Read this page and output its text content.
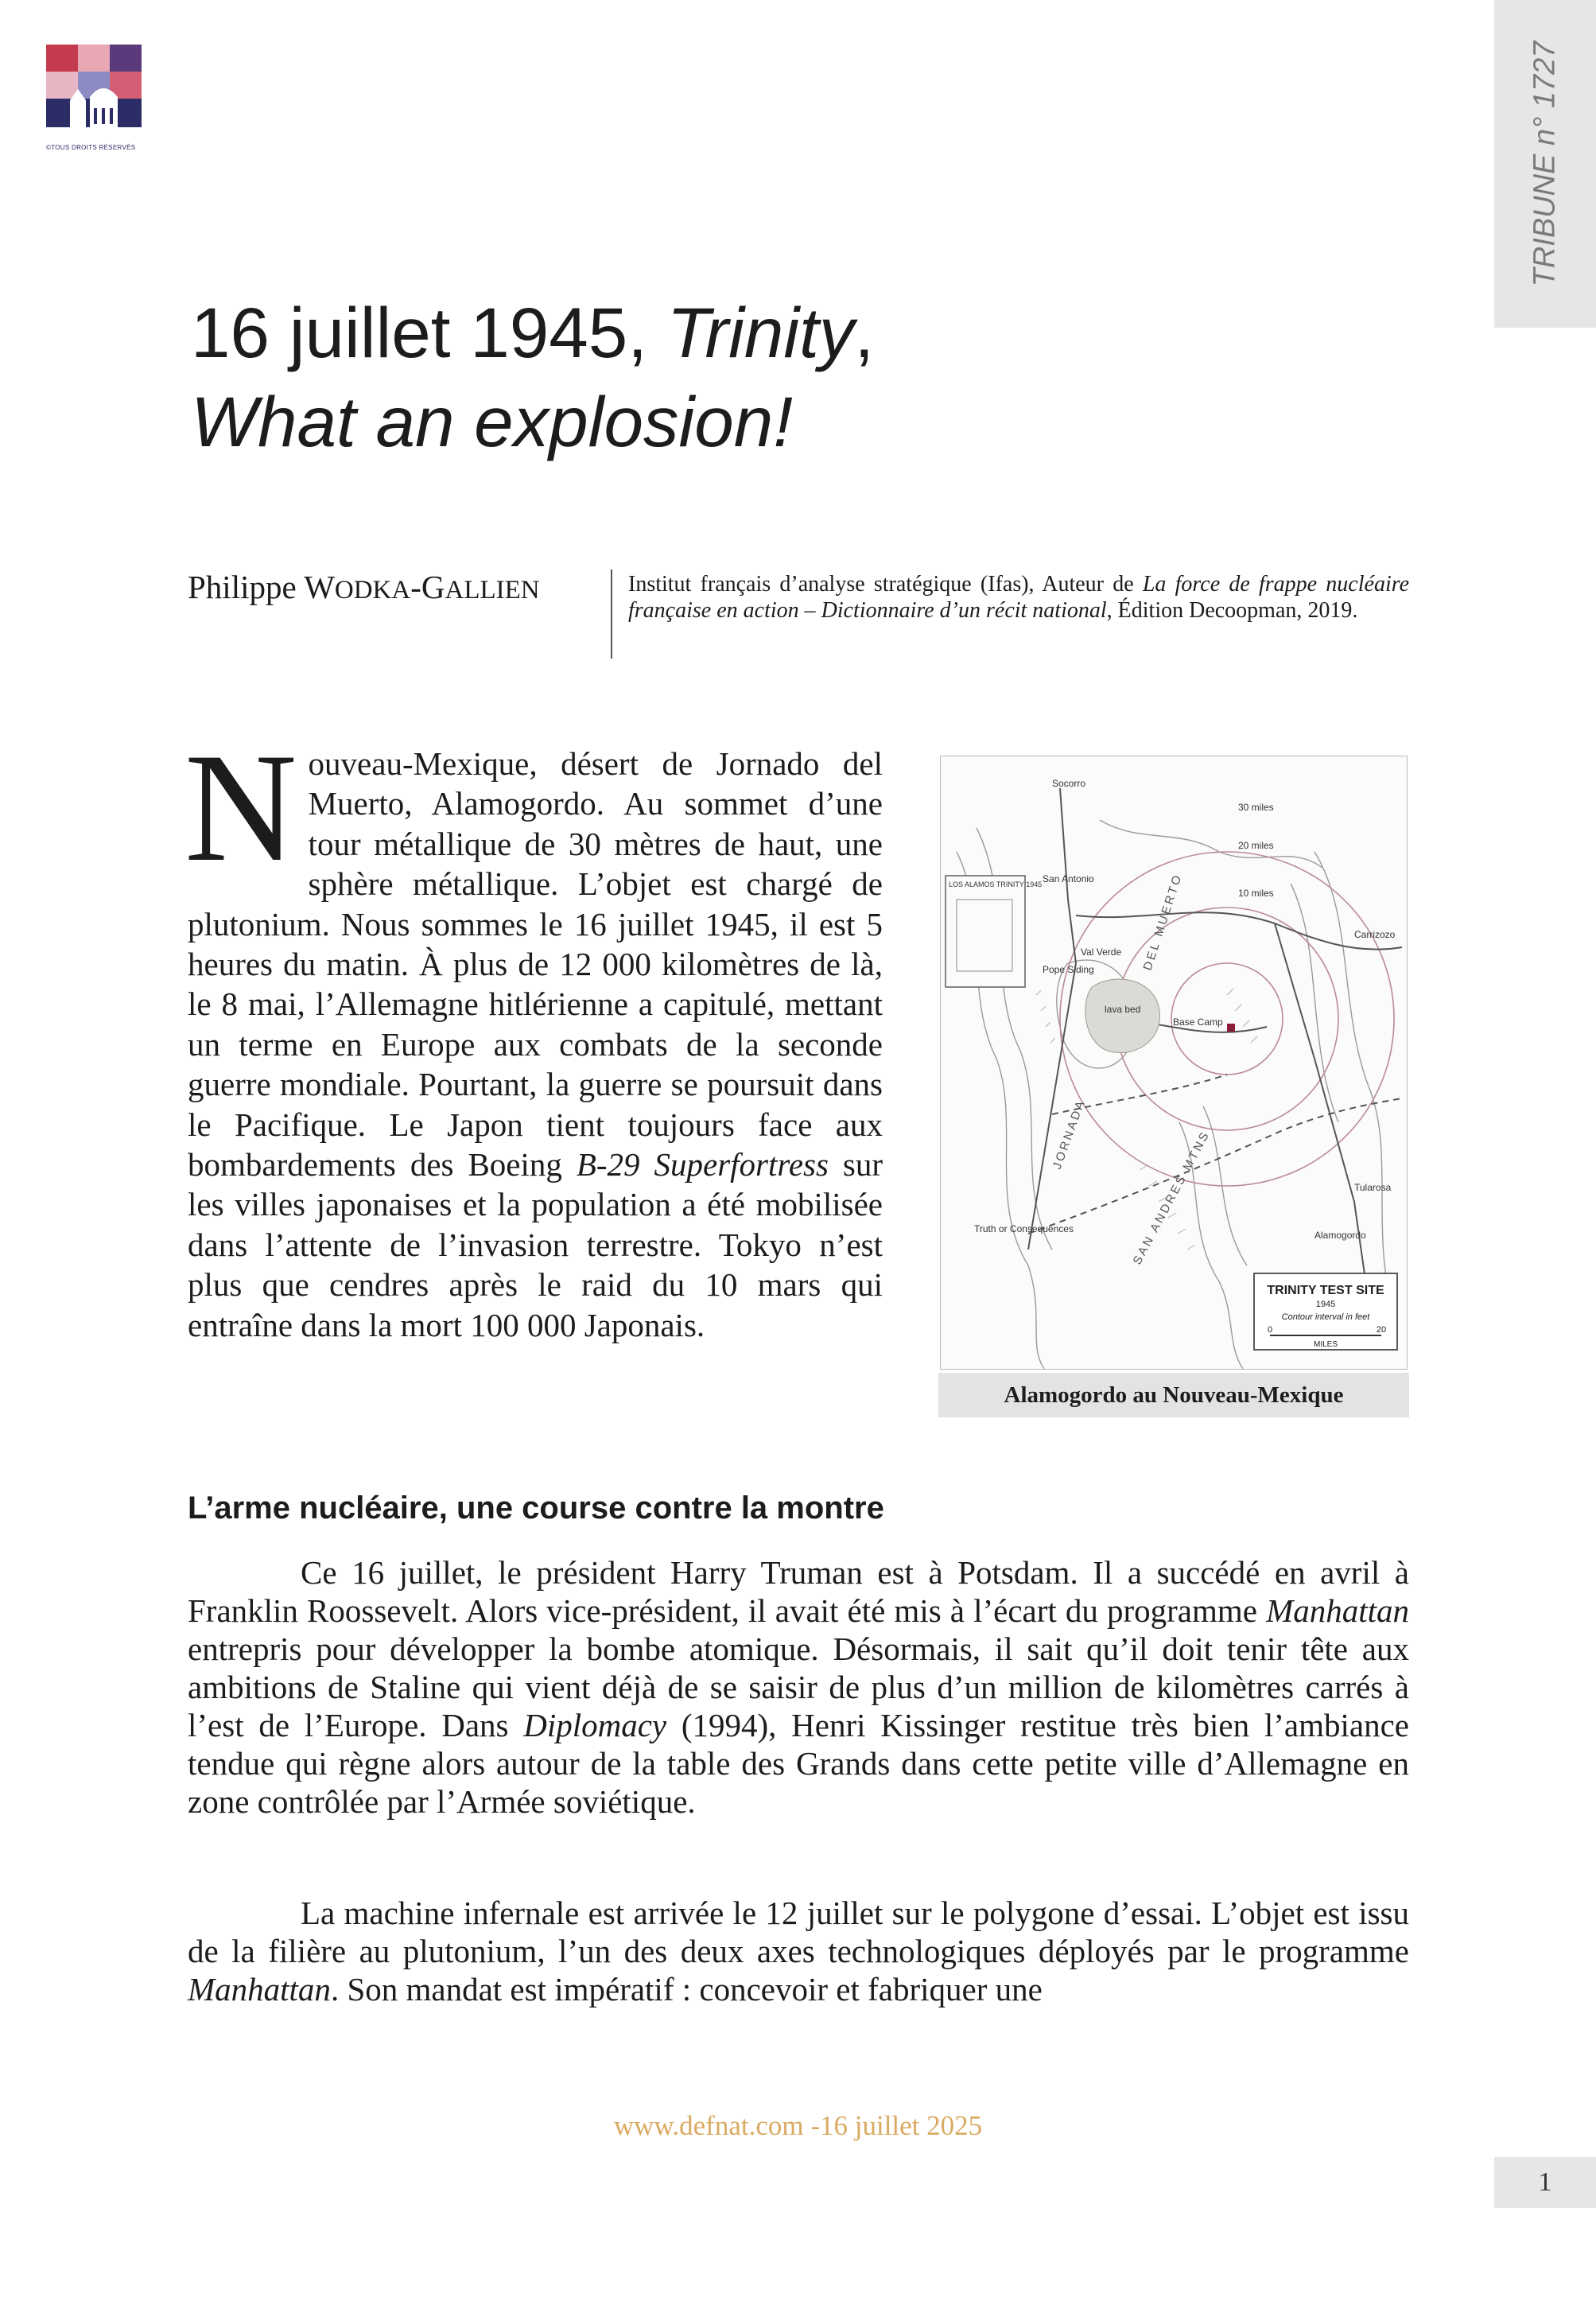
©TOUS DROITS RÉSERVÉS	TRIBUNE n° 1727
16 juillet 1945, Trinity,
What an explosion!
Philippe WODKA-GALLIEN	Institut français d’analyse stratégique (Ifas), Auteur de La force de frappe nucléaire française en action – Dictionnaire d’un récit national, Édition Decoopman, 2019.

Nouveau-Mexique, désert de Jornado del Muerto, Alamogordo. Au sommet d’une tour métallique de 30 mètres de haut, une sphère métallique. L’objet est chargé de plutonium. Nous sommes le 16 juillet 1945, il est 5 heures du matin. À plus de 12 000 kilomètres de là, le 8 mai, l’Allemagne hitlérienne a capitulé, mettant un terme en Europe aux combats de la seconde guerre mondiale. Pourtant, la guerre se poursuit dans le Pacifique. Le Japon tient toujours face aux bombardements des Boeing B-29 Superfortress sur les villes japonaises et la population a été mobilisée dans l’attente de l’invasion terrestre. Tokyo n’est plus que cendres après le raid du 10 mars qui entraîne dans la mort 100 000 Japonais.

Socorro
San Antonio
Carrizozo
Tularosa
Alamogordo
Truth or Consequences
lava bed
Pope Siding
Val Verde
Base Camp
30 miles
20 miles
10 miles
LOS ALAMOS TRINITY 1945
JORNADA
DEL MUERTO
SAN ANDRES MTNS
TRINITY TEST SITE
1945
Contour interval in feet
0	20
MILES
Alamogordo au Nouveau-Mexique
L’arme nucléaire, une course contre la montre

Ce 16 juillet, le président Harry Truman est à Potsdam. Il a succédé en avril à Franklin Roossevelt. Alors vice-président, il avait été mis à l’écart du programme Manhattan entrepris pour développer la bombe atomique. Désormais, il sait qu’il doit tenir tête aux ambitions de Staline qui vient déjà de se saisir de plus d’un million de kilomètres carrés à l’est de l’Europe. Dans Diplomacy (1994), Henri Kissinger restitue très bien l’ambiance tendue qui règne alors autour de la table des Grands dans cette petite ville d’Allemagne en zone contrôlée par l’Armée soviétique.

La machine infernale est arrivée le 12 juillet sur le polygone d’essai. L’objet est issu de la filière au plutonium, l’un des deux axes technologiques déployés par le programme Manhattan. Son mandat est impératif : concevoir et fabriquer une

www.defnat.com -16 juillet 2025
1
